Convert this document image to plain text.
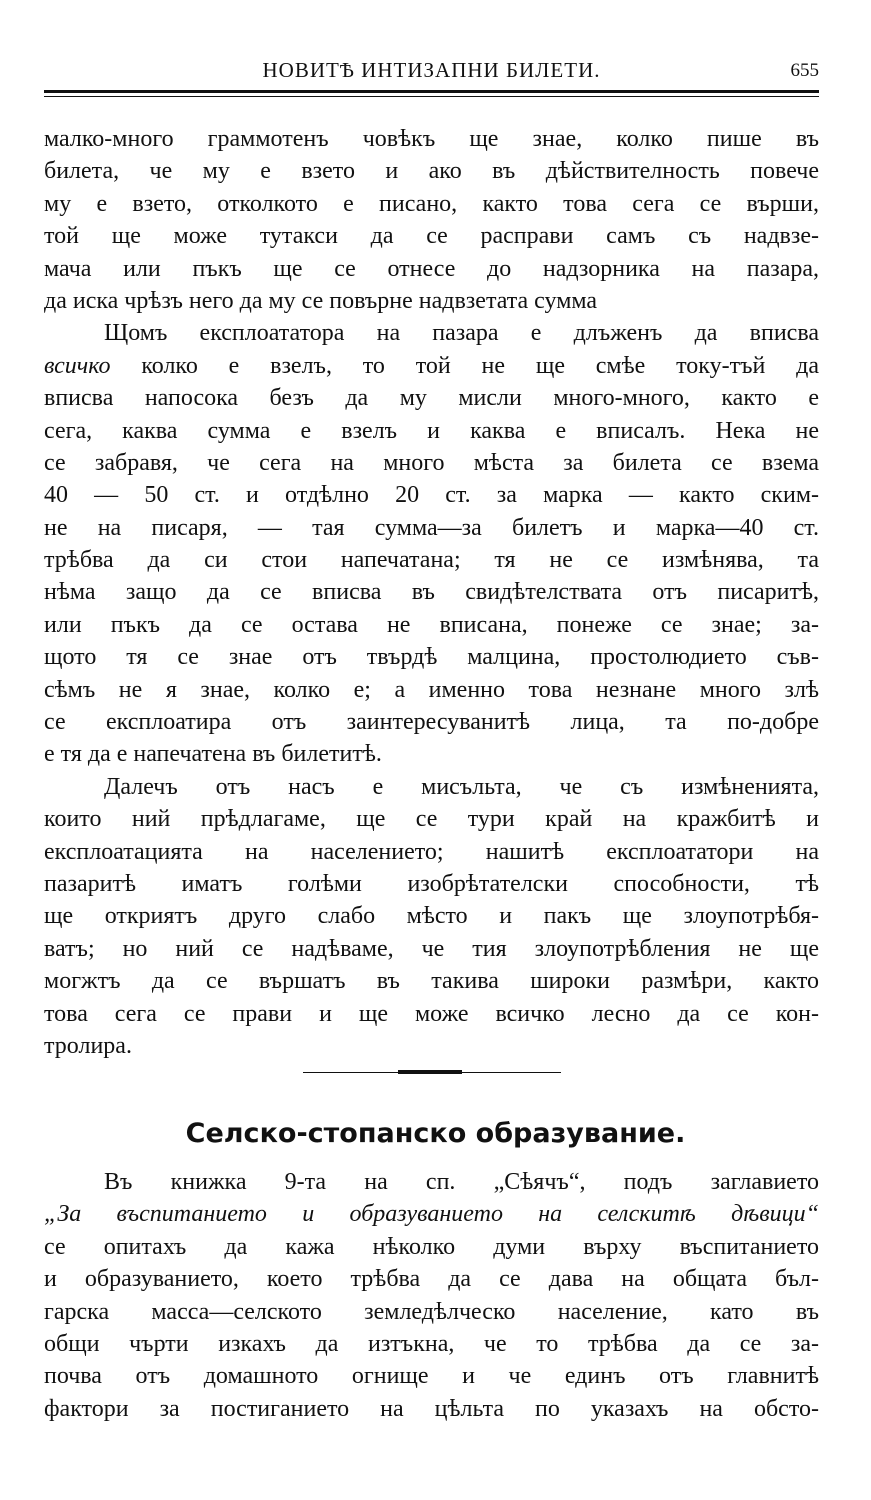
НОВИТѢ ИНТИЗАПНИ БИЛЕТИ.	655
малко-много граммотенъ човѣкъ ще знае, колко пише въ
билета, че му е взето и ако въ дѣйствителность повече
му е взето, отколкото е писано, както това сега се върши,
той ще може тутакси да се расправи самъ съ надвзе-
мача или пъкъ ще се отнесе до надзорника на пазара,
да иска чрѣзъ него да му се повърне надвзетата сумма
Щомъ експлоататора на пазара е длъженъ да вписва
всичко колко е взелъ, то той не ще смѣе току-тъй да
вписва напосока безъ да му мисли много-много, както е
сега, каква сумма е взелъ и каква е вписалъ. Нека не
се забравя, че сега на много мѣста за билета се взема
40 — 50 ст. и отдѣлно 20 ст. за марка — както ским-
не на писаря, — тая сумма—за билетъ и марка—40 ст.
трѣбва да си стои напечатана; тя не се измѣнява, та
нѣма защо да се вписва въ свидѣтелствата отъ писаритѣ,
или пъкъ да се остава не вписана, понеже се знае; за-
щото тя се знае отъ твърдѣ малцина, простолюдието съв-
сѣмъ не я знае, колко е; а именно това незнане много злѣ
се експлоатира отъ заинтересуванитѣ лица, та по-добре
е тя да е напечатена въ билетитѣ.
Далечъ отъ насъ е мисъльта, че съ измѣненията,
които ний прѣдлагаме, ще се тури край на кражбитѣ и
експлоатацията на населението; нашитѣ експлоататори на
пазаритѣ иматъ голѣми изобрѣтателски способности, тѣ
ще откриятъ друго слабо мѣсто и пакъ ще злоупотрѣбя-
ватъ; но ний се надѣваме, че тия злоупотрѣбления не ще
могжтъ да се вършатъ въ такива широки размѣри, както
това сега се прави и ще може всичко лесно да се кон-
тролира.
Селско-стопанско образувание.
Въ книжка 9-та на сп. „Сѣячъ“, подъ заглавието
„За въспитанието и образуванието на селскитѣ дѣвици“
се опитахъ да кажа нѣколко думи върху въспитанието
и образуванието, което трѣбва да се дава на общата бъл-
гарска масса—селското земледѣлческо население, като въ
общи чърти изкахъ да изтъкна, че то трѣбва да се за-
почва отъ домашното огнище и че единъ отъ главнитѣ
фактори за постиганието на цѣльта по указахъ на обсто-
